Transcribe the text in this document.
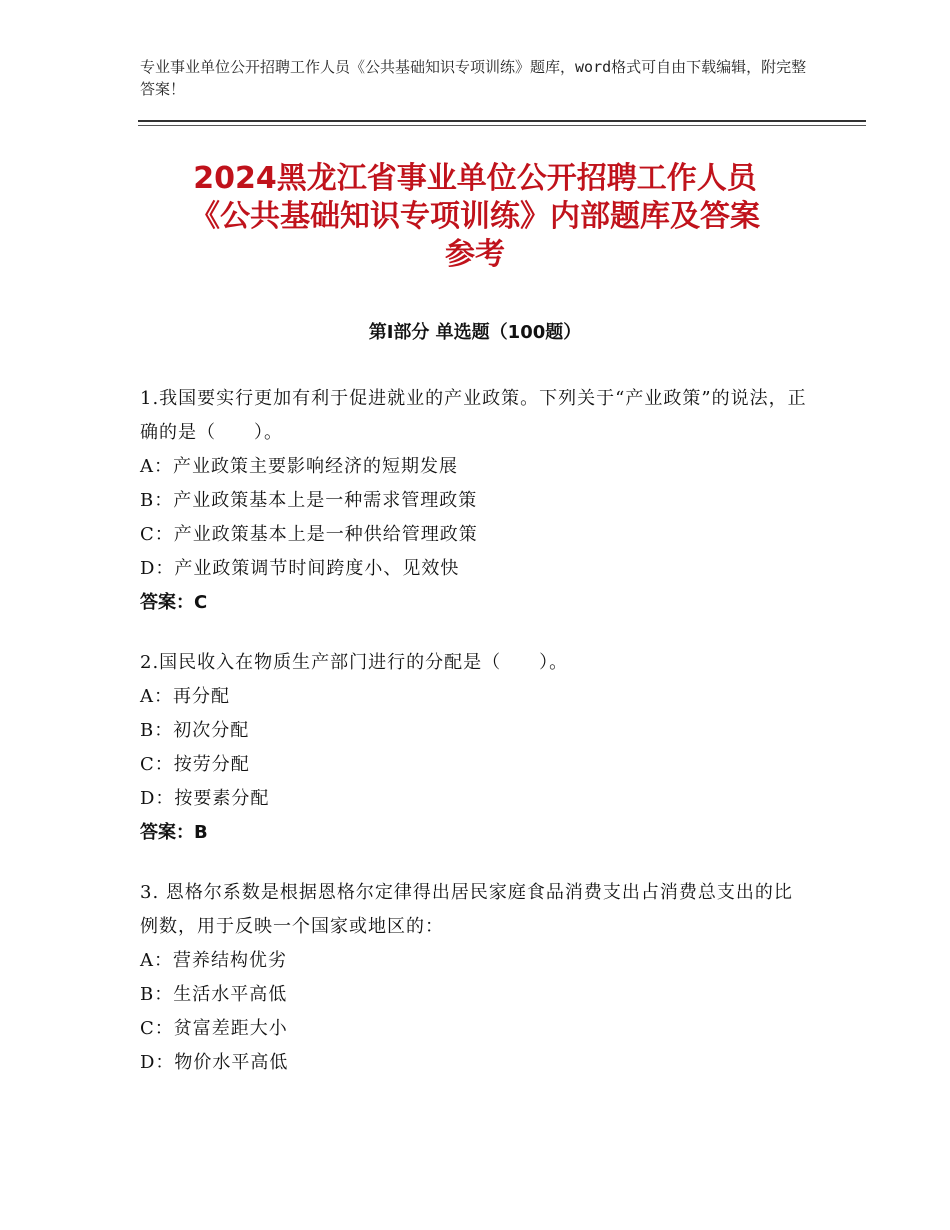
专业事业单位公开招聘工作人员《公共基础知识专项训练》题库，word格式可自由下载编辑，附完整答案！
2024黑龙江省事业单位公开招聘工作人员
《公共基础知识专项训练》内部题库及答案
参考
第Ⅰ部分 单选题（100题）
1.我国要实行更加有利于促进就业的产业政策。下列关于“产业政策”的说法，正确的是（　　）。
A：产业政策主要影响经济的短期发展
B：产业政策基本上是一种需求管理政策
C：产业政策基本上是一种供给管理政策
D：产业政策调节时间跨度小、见效快
答案：C
2.国民收入在物质生产部门进行的分配是（　　）。
A：再分配
B：初次分配
C：按劳分配
D：按要素分配
答案：B
3. 恩格尔系数是根据恩格尔定律得出居民家庭食品消费支出占消费总支出的比例数，用于反映一个国家或地区的：
A：营养结构优劣
B：生活水平高低
C：贫富差距大小
D：物价水平高低
